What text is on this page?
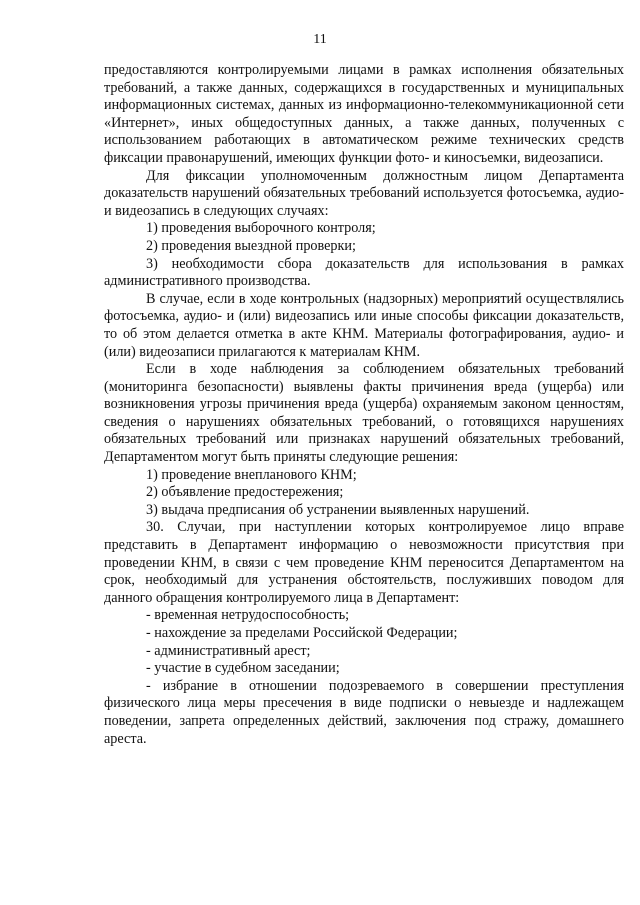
11

предоставляются контролируемыми лицами в рамках исполнения обязательных требований, а также данных, содержащихся в государственных и муниципальных информационных системах, данных из информационно-телекоммуникационной сети «Интернет», иных общедоступных данных, а также данных, полученных с использованием работающих в автоматическом режиме технических средств фиксации правонарушений, имеющих функции фото- и киносъемки, видеозаписи.

Для фиксации уполномоченным должностным лицом Департамента доказательств нарушений обязательных требований используется фотосъемка, аудио- и видеозапись в следующих случаях:

1) проведения выборочного контроля;

2) проведения выездной проверки;

3) необходимости сбора доказательств для использования в рамках административного производства.

В случае, если в ходе контрольных (надзорных) мероприятий осуществлялись фотосъемка, аудио- и (или) видеозапись или иные способы фиксации доказательств, то об этом делается отметка в акте КНМ. Материалы фотографирования, аудио- и (или) видеозаписи прилагаются к материалам КНМ.

Если в ходе наблюдения за соблюдением обязательных требований (мониторинга безопасности) выявлены факты причинения вреда (ущерба) или возникновения угрозы причинения вреда (ущерба) охраняемым законом ценностям, сведения о нарушениях обязательных требований, о готовящихся нарушениях обязательных требований или признаках нарушений обязательных требований, Департаментом могут быть приняты следующие решения:

1) проведение внепланового КНМ;

2) объявление предостережения;

3) выдача предписания об устранении выявленных нарушений.

30. Случаи, при наступлении которых контролируемое лицо вправе представить в Департамент информацию о невозможности присутствия при проведении КНМ, в связи с чем проведение КНМ переносится Департаментом на срок, необходимый для устранения обстоятельств, послуживших поводом для данного обращения контролируемого лица в Департамент:

- временная нетрудоспособность;

- нахождение за пределами Российской Федерации;

- административный арест;

- участие в судебном заседании;

- избрание в отношении подозреваемого в совершении преступления физического лица меры пресечения в виде подписки о невыезде и надлежащем поведении, запрета определенных действий, заключения под стражу, домашнего ареста.
